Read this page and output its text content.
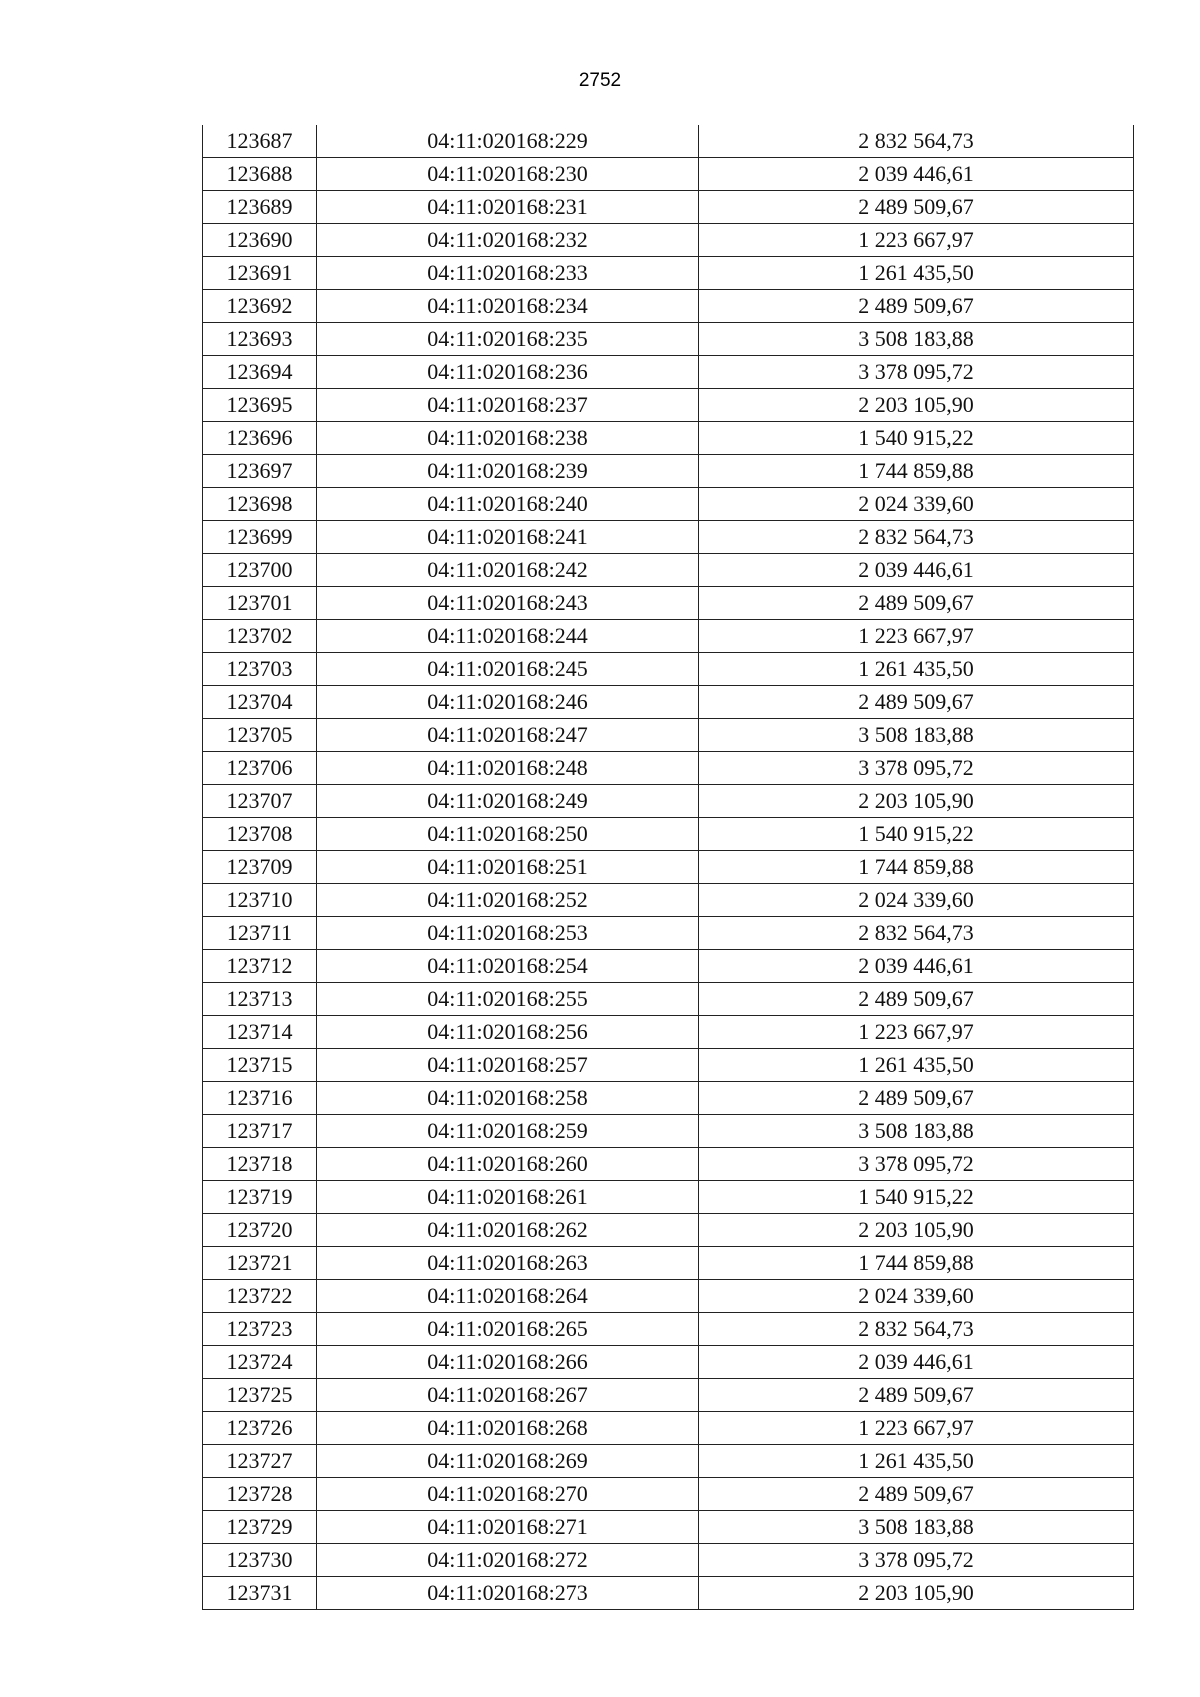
2752
123687	04:11:020168:229	2 832 564,73
123688	04:11:020168:230	2 039 446,61
123689	04:11:020168:231	2 489 509,67
123690	04:11:020168:232	1 223 667,97
123691	04:11:020168:233	1 261 435,50
123692	04:11:020168:234	2 489 509,67
123693	04:11:020168:235	3 508 183,88
123694	04:11:020168:236	3 378 095,72
123695	04:11:020168:237	2 203 105,90
123696	04:11:020168:238	1 540 915,22
123697	04:11:020168:239	1 744 859,88
123698	04:11:020168:240	2 024 339,60
123699	04:11:020168:241	2 832 564,73
123700	04:11:020168:242	2 039 446,61
123701	04:11:020168:243	2 489 509,67
123702	04:11:020168:244	1 223 667,97
123703	04:11:020168:245	1 261 435,50
123704	04:11:020168:246	2 489 509,67
123705	04:11:020168:247	3 508 183,88
123706	04:11:020168:248	3 378 095,72
123707	04:11:020168:249	2 203 105,90
123708	04:11:020168:250	1 540 915,22
123709	04:11:020168:251	1 744 859,88
123710	04:11:020168:252	2 024 339,60
123711	04:11:020168:253	2 832 564,73
123712	04:11:020168:254	2 039 446,61
123713	04:11:020168:255	2 489 509,67
123714	04:11:020168:256	1 223 667,97
123715	04:11:020168:257	1 261 435,50
123716	04:11:020168:258	2 489 509,67
123717	04:11:020168:259	3 508 183,88
123718	04:11:020168:260	3 378 095,72
123719	04:11:020168:261	1 540 915,22
123720	04:11:020168:262	2 203 105,90
123721	04:11:020168:263	1 744 859,88
123722	04:11:020168:264	2 024 339,60
123723	04:11:020168:265	2 832 564,73
123724	04:11:020168:266	2 039 446,61
123725	04:11:020168:267	2 489 509,67
123726	04:11:020168:268	1 223 667,97
123727	04:11:020168:269	1 261 435,50
123728	04:11:020168:270	2 489 509,67
123729	04:11:020168:271	3 508 183,88
123730	04:11:020168:272	3 378 095,72
123731	04:11:020168:273	2 203 105,90
